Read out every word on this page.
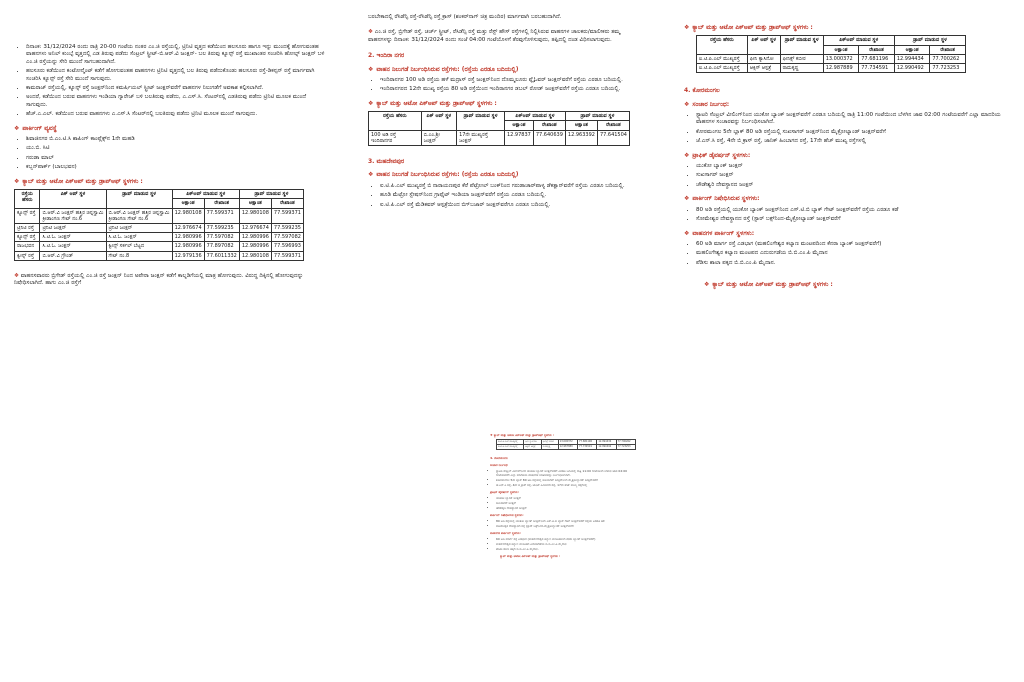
• ದಿನಾಂಕ: 31/12/2024 ರಂದು ರಾತ್ರಿ 20-00 ಗಂಟೆಯ ನಂತರ ಎಂ.ಜಿ ರಸ್ತೆಯಲ್ಲಿ, ಟ್ರಿನಿಟಿ ವೃತ್ತದ ಕಡೆಯಿಂದ ಹಲಸೂರು ಹಾಗೂ ಇನ್ನು ಮುಂದಕ್ಕೆ ಹೋಗುವಂತಹ ವಾಹನಗಳು ಅನಿಲ್ ಕುಂಬ್ಳೆ ವೃತ್ತದಲ್ಲಿ ಎಡ ತಿರುವು ಪಡೆದು ಸೆಂಟ್ರಲ್ ಸ್ಟ್ರೀಟ್-ಬಿ.ಆರ್.ವಿ ಜಂಕ್ಷನ್- ಬಲ ತಿರುವು ಕ್ಯೂನ್ಸ್ ರಸ್ತೆ ಮುಖಾಂತರ ಸಂಚರಿಸಿ ಹೋಲ್ಸ್ ಜಂಕ್ಷನ್ ಬಳಿ ಎಂ.ಜಿ ರಸ್ತೆಯನ್ನು ಸೇರಿ ಮುಂದೆ ಸಾಗಬಹುದಾಗಿದೆ.
• ಹಲಸೂರು ಕಡೆಯಿಂದ ಕಂಟೋನ್ಮೆಂಟ್ ಕಡೆಗೆ ಹೋಗುವಂತಹ ವಾಹನಗಳು ಟ್ರಿನಿಟಿ ವೃತ್ತದಲ್ಲಿ ಬಲ ತಿರುವು ಪಡೆದುಕೊಂಡು ಹಲಸೂರು ರಸ್ತೆ-ಡಿಕನ್ಸನ್ ರಸ್ತೆ ಮಾರ್ಗವಾಗಿ ಸಂಚರಿಸಿ ಕ್ಯೂನ್ಸ್ ರಸ್ತೆ ಸೇರಿ ಮುಂದೆ ಸಾಗುವುದು.
• ಕಾಮರಾಜ್ ರಸ್ತೆಯಲ್ಲಿ, ಕ್ಯೂನ್ಸ್ ರಸ್ತೆ ಜಂಕ್ಷನ್‌ನಿಂದ ಕಮರ್ಷಿಯಲ್ ಸ್ಟ್ರೀಟ್ ಜಂಕ್ಷನ್‌ವರೆಗೆ ವಾಹನಗಳ ನಿಲುಗಡೆಗೆ ಅವಕಾಶ ಕಲ್ಪಿಸಲಾಗಿದೆ.
• ಅಂದರೆ, ಕಡೆಯಿಂದ ಬರುವ ವಾಹನಗಳು ಇಂಡಿಯಾ ಗ್ಯಾರೇಜ್ ಬಳಿ ಬಲತಿರುವು ಪಡೆದು, ಎ.ಎಸ್.ಸಿ. ಸೆಂಟರ್‌ನಲ್ಲಿ ಎಡತಿರುವು ಪಡೆದು ಟ್ರಿನಿಟಿ ಮೂಲಕ ಮುಂದೆ ಸಾಗುವುದು.
• ಹೆಚ್.ಎ.ಎಲ್. ಕಡೆಯಿಂದ ಬರುವ ವಾಹನಗಳು ಎ.ಎಸ್.ಸಿ ಸೆಂಟರ್‌ನಲ್ಲಿ ಬಲತಿರುವು ಪಡೆದು ಟ್ರಿನಿಟಿ ಮೂಲಕ ಮುಂದೆ ಸಾಗುವುದು.
❖ ಪಾರ್ಕಿಂಗ್ ವ್ಯವಸ್ಥೆ
• ಶಿವಾಜಿನಗರ ಬಿ.ಎಂ.ಟಿ.ಸಿ ಶಾಪಿಂಗ್ ಕಾಂಪ್ಲೆಕ್ಸ್‌ನ 1ನೇ ಮಹಡಿ
• ಯು.ಬಿ. ಸಿಟಿ
• ಗರುಡಾ ಮಾಲ್
• ಕಬ್ಬನ್‌ಪಾರ್ಕ್ (ಬಾಲಭವನ)
❖ ಕ್ಯಾಬ್ ಮತ್ತು ಆಟೋ ಪಿಕ್‌ಅಪ್ ಮತ್ತು ಡ್ರಾಪ್‌ಆಫ್ ಸ್ಥಳಗಳು :
ರಸ್ತೆಯ ಹೆಸರು	ಪಿಕ್ ಅಪ್ ಸ್ಥಳ	ಡ್ರಾಪ್ ಮಾಡುವ ಸ್ಥಳ	ಪಿಕ್‌ಅಪ್ ಮಾಡುವ ಸ್ಥಳ		ಡ್ರಾಪ್ ಮಾಡುವ ಸ್ಥಳ	
			ಅಕ್ಷಾಂಶ	ರೇಖಾಂಶ	ಅಕ್ಷಾಂಶ	ರೇಖಾಂಶ
ಕ್ಯೂನ್ಸ್ ರಸ್ತೆ	ಬಿ.ಆರ್.ವಿ ಜಂಕ್ಷನ್ ಹತ್ತಿರ ಚಿನ್ನಸ್ವಾಮಿ ಕ್ರೀಡಾಂಗಣ ಗೇಟ್ ನಂ.6	ಬಿ.ಆರ್.ವಿ ಜಂಕ್ಷನ್ ಹತ್ತಿರ ಚಿನ್ನಸ್ವಾಮಿ ಕ್ರೀಡಾಂಗಣ ಗೇಟ್ ನಂ.6	12.980108	77.599371	12.980108	77.599371
ಟ್ರಿನಿಟಿ ರಸ್ತೆ	ಟ್ರಿನಿಟಿ ಜಂಕ್ಷನ್	ಟ್ರಿನಿಟಿ ಜಂಕ್ಷನ್	12.976674	77.599235	12.976674	77.599235
ಕ್ಯೂನ್ಸ್ ರಸ್ತೆ	ಸಿ.ಟಿ.ಓ. ಜಂಕ್ಷನ್	ಸಿ.ಟಿ.ಓ. ಜಂಕ್ಷನ್	12.980996	77.597082	12.980996	77.597082
ರಾಜಭವನ	ಸಿ.ಟಿ.ಓ. ಜಂಕ್ಷನ್	ಕ್ವೀನ್ಸ್‌ ಸರ್ಕಲ್ ಬೆಟ್ಟದ	12.980996	77.897082	12.980996	77.596993
ಕ್ವೀನ್ಸ್ ರಸ್ತೆ	ಬಿ.ಆರ್.ವಿ ಗ್ರೌಂಡ್	ಗೇಟ್ ನಂ.8	12.979136	77.6011332	12.980108	77.599371
❖ ವಾಹನಸವಾರರು ಬ್ರಿಗೇಡ್ ರಸ್ತೆಯಲ್ಲಿ ಎಂ.ಜಿ ರಸ್ತೆ ಜಂಕ್ಷನ್ ನಿಂದ ಅಪೇರಾ ಜಂಕ್ಷನ್ ಕಡೆಗೆ ಕಾಲ್ನಡಿಗೆಯಲ್ಲಿ ಮಾತ್ರ ಹೋಗುವುದು. ವಿರುದ್ಧ ದಿಕ್ಕಿನಲ್ಲಿ ಹೋಗುವುದನ್ನು ನಿಷೇಧಿಸಲಾಗಿದೆ. ಹಾಗು ಎಂ.ಜಿ ರಸ್ತೆಗೆ
ಬರಬೇಕಾದಲ್ಲಿ ರೆಸಿಡೆನ್ಸಿ ರಸ್ತೆ-ರೆಸಿಡೆನ್ಸಿ ರಸ್ತೆ ಕ್ರಾಸ್ (ಶಂಕರ್‌ನಾಗ್ ಚಿತ್ರ ಮಂದಿರ) ಮಾರ್ಗವಾಗಿ ಬರಬಹುದಾಗಿದೆ.
❖ ಎಂ.ಜಿ ರಸ್ತೆ, ಬ್ರಿಗೇಡ್ ರಸ್ತೆ, ಚರ್ಚ್ ಸ್ಟ್ರೀಟ್, ರೆಸಿಡೆನ್ಸಿ ರಸ್ತೆ ಮತ್ತು ರೆಸ್ಟ್ ಹೌಸ್ ರಸ್ತೆಗಳಲ್ಲಿ ನಿಲ್ಲಿಸಿರುವ ವಾಹನಗಳ ಚಾಲಕರು/ಮಾಲೀಕರು ತಮ್ಮ ವಾಹನಗಳನ್ನು ದಿನಾಂಕ: 31/12/2024 ರಂದು ಸಂಜೆ 04:00 ಗಂಟೆಯೊಳಗೆ ತೆರವುಗೊಳಿಸುವುದು, ತಪ್ಪಿದಲ್ಲಿ ದಂಡ ವಿಧಿಸಲಾಗುವುದು.
2. ಇಂದಿರಾ ನಗರ
❖ ವಾಹನ ನಿಲುಗಡೆ ನಿರ್ಬಂಧಿಸಿರುವ ರಸ್ತೆಗಳು: (ರಸ್ತೆಯ ಎರಡೂ ಬದಿಯಲ್ಲಿ)
• ಇಂದಿರಾನಗರ 100 ಅಡಿ ರಸ್ತೆಯ ಹಳೆ ಮದ್ರಾಸ್ ರಸ್ತೆ ಜಂಕ್ಷನ್‌ನಿಂದ ದೊಮ್ಮಲೂರು ಫ್ಲೈಓವರ್ ಜಂಕ್ಷನ್‌ವರೆಗೆ ರಸ್ತೆಯ ಎರಡೂ ಬದಿಯಲ್ಲಿ.
• ಇಂದಿರಾನಗರದ 12ನೇ ಮುಖ್ಯ ರಸ್ತೆಯ 80 ಅಡಿ ರಸ್ತೆಯಿಂದ ಇಂದಿರಾನಗರ ಡಬಲ್ ರೋಡ್ ಜಂಕ್ಷನ್‌ವರೆಗೆ ರಸ್ತೆಯ ಎರಡೂ ಬದಿಯಲ್ಲಿ.
❖ ಕ್ಯಾಬ್ ಮತ್ತು ಆಟೋ ಪಿಕ್‌ಅಪ್ ಮತ್ತು ಡ್ರಾಪ್‌ಆಫ್ ಸ್ಥಳಗಳು :
ರಸ್ತೆಯ ಹೆಸರು	ಪಿಕ್ ಅಪ್ ಸ್ಥಳ	ಡ್ರಾಪ್ ಮಾಡುವ ಸ್ಥಳ	ಪಿಕ್‌ಅಪ್ ಮಾಡುವ ಸ್ಥಳ		ಡ್ರಾಪ್ ಮಾಡುವ ಸ್ಥಳ	
			ಅಕ್ಷಾಂಶ	ರೇಖಾಂಶ	ಅಕ್ಷಾಂಶ	ರೇಖಾಂಶ
100 ಅಡಿ ರಸ್ತೆ ಇಂದಿರಾನಗರ	ಬಿ.ಎಂ.ಶ್ರೀ ಜಂಕ್ಷನ್	17ನೇ ಮುಖ್ಯರಸ್ತೆ ಜಂಕ್ಷನ್	12.97837	77.640639	12.963392	77.641504
3. ಮಹದೇವಪುರ
❖ ವಾಹನ ನಿಲುಗಡೆ ನಿರ್ಬಂಧಿಸಿರುವ ರಸ್ತೆಗಳು: (ರಸ್ತೆಯ ಎರಡೂ ಬದಿಯಲ್ಲಿ)
• ಐ.ಟಿ.ಪಿ.ಎಲ್ ಮುಖ್ಯರಸ್ತೆ ಬಿ ನಾರಾಯಣಪುರ ಕೆರೆ ಪೆಟ್ರೋಲ್ ಬಂಕ್‌ನಿಂದ ಗರುಡಾಚಾರ್‌ಪಾಳ್ಯ ಡೆಕತ್ಲಾನ್‌ವರೆಗೆ ರಸ್ತೆಯ ಎರಡೂ ಬದಿಯಲ್ಲಿ.
• ಹೂಡಿ ಮೆಟ್ರೋ ಸ್ಟೇಷನ್‌ನಿಂದ ಗ್ರಾಫೈಟ್ ಇಂಡಿಯಾ ಜಂಕ್ಷನ್‌ವರೆಗೆ ರಸ್ತೆಯ ಎರಡೂ ಬದಿಯಲ್ಲಿ.
• ಐ.ಟಿ.ಪಿ.ಎಲ್ ರಸ್ತೆ ಮೆಡಿಕವರ್ ಆಸ್ಪತ್ರೆಯಿಂದ ಬಿಗ್‌ಬಜಾರ್ ಜಂಕ್ಷನ್‌ವರೆಗೂ ಎರಡೂ ಬದಿಯಲ್ಲಿ.
❖ ಕ್ಯಾಬ್ ಮತ್ತು ಆಟೋ ಪಿಕ್‌ಅಪ್ ಮತ್ತು ಡ್ರಾಪ್‌ಆಫ್ ಸ್ಥಳಗಳು :
ರಸ್ತೆಯ ಹೆಸರು	ಪಿಕ್ ಅಪ್ ಸ್ಥಳ	ಡ್ರಾಪ್ ಮಾಡುವ ಸ್ಥಳ	ಪಿಕ್‌ಅಪ್ ಮಾಡುವ ಸ್ಥಳ		ಡ್ರಾಪ್ ಮಾಡುವ ಸ್ಥಳ	
			ಅಕ್ಷಾಂಶ	ರೇಖಾಂಶ	ಅಕ್ಷಾಂಶ	ರೇಖಾಂಶ
ಐ.ಟಿ.ಪಿ.ಎಲ್ ಮುಖ್ಯರಸ್ತೆ	ಫೀನಿ ಕ್ಯಾಸಿನೋ	ಫೀನಿಕ್ಸ್ ಕಬೀರ	13.000372	77.681196	12.994434	77.700262
ಐ.ಟಿ.ಪಿ.ಎಲ್ ಮುಖ್ಯರಸ್ತೆ	ಆಕ್ಸಿಸ್ ಆಸ್ಪತ್ರೆ	ರಾಮಕೃಷ್ಣ	12.987889	77.734591	12.990492	77.723253
4. ಕೋರಮಂಗಲ
❖ ಸಂಚಾರ ನಿರ್ಬಂಧ:
• ಸ್ಟ್ಯಾಟರಿ ಸೆಂಟ್ರಲ್ ವೀಲಿಂಗ್‌ನಿಂದ ಯುಕೋ ಬ್ಯಾಂಕ್ ಜಂಕ್ಷನ್‌ವರೆಗೆ ಎರಡೂ ಬದಿಯಲ್ಲಿ ರಾತ್ರಿ 11:00 ಗಂಟೆಯಿಂದ ಬೆಳಗಿನ ಜಾವ 02:00 ಗಂಟೆಯವರೆಗೆ ಎಲ್ಲಾ ಮಾದರಿಯ ವಾಹನಗಳ ಸಂಚಾರವನ್ನು ನಿರ್ಬಂಧಿಸಲಾಗಿದೆ.
• ಕೋರಮಂಗಲ 5ನೇ ಬ್ಲಾಕ್ 80 ಅಡಿ ರಸ್ತೆಯಲ್ಲಿ ಸುಖಸಾಗರ್ ಜಂಕ್ಷನ್‌ನಿಂದ ಮೈಕ್ರೋಲ್ಯಾಂಡ್ ಜಂಕ್ಷನ್‌ವರೆಗೆ
• ಜೆ.ಎನ್.ಸಿ ರಸ್ತೆ, 4ನೇ ಬಿ ಕ್ರಾಸ್ ರಸ್ತೆ, ಜಾನಿಕ್ ಹಿಂಬಾಗದ ರಸ್ತೆ, 17ನೇ ಹೆಚ್ ಮುಖ್ಯ ರಸ್ತೆಗಳಲ್ಲಿ
❖ ಟ್ರಾಫಿಕ್ ಡೈವರ್ಷನ್ ಸ್ಥಳಗಳು:
• ಯುಕೋ ಬ್ಯಾಂಕ್ ಜಂಕ್ಷನ್
• ಸುಖಸಾಗರ್ ಜಂಕ್ಷನ್
• ಚೌಡೇಶ್ವರಿ ದೇವಸ್ಥಾನದ ಜಂಕ್ಷನ್
❖ ಪಾರ್ಕಿಂಗ್ ನಿಷೇಧಿಸಿರುವ ಸ್ಥಳಗಳು:
• 80 ಅಡಿ ರಸ್ತೆಯಲ್ಲಿ ಯುಕೋ ಬ್ಯಾಂಕ್ ಜಂಕ್ಷನ್‌ನಿಂದ ಎಸ್.ಟಿ.ಬಿ ಬ್ಯಾಕ್ ಗೇಟ್ ಜಂಕ್ಷನ್‌ವರೆಗೆ ರಸ್ತೆಯ ಎರಡೂ ಕಡೆ
• ಸೋಮೇಶ್ವರ ದೇವಸ್ಥಾನದ ರಸ್ತೆ (ಸ್ಟಾರ್ ಬಕ್ಸ್‌ನಿಂದ-ಮೈಕ್ರೋಲ್ಯಾಂಡ್ ಜಂಕ್ಷನ್‌ವರೆಗೆ
❖ ವಾಹನಗಳ ಪಾರ್ಕಿಂಗ್ ಸ್ಥಳಗಳು:
• 60 ಅಡಿ ಮಾರ್ಗ ರಸ್ತೆ ಎಡಭಾಗ (ಮಹಲಿಂಗೇಶ್ವರ ಕಲ್ಯಾಣ ಮಂಟಪದಿಂದ ಕೆನರಾ ಬ್ಯಾಂಕ್ ಜಂಕ್ಷನ್‌ವರೆಗೆ)
• ಮಹಲಿಂಗೇಶ್ವರ ಕಲ್ಯಾಣ ಮಂಟಪದ ಎದುರುಗಡೆಯ ಬಿ.ಬಿ.ಎಂ.ಪಿ ಮೈದಾನ
• ಪೆಡಿಸು ಶಾಲಾ ಪಕ್ಕದ ಬಿ.ಬಿ.ಎಂ.ಪಿ ಮೈದಾನ.
❖ ಕ್ಯಾಬ್ ಮತ್ತು ಆಟೋ ಪಿಕ್‌ಅಪ್ ಮತ್ತು ಡ್ರಾಪ್‌ಆಫ್ ಸ್ಥಳಗಳು :
❖ ಕ್ಯಾಬ್ ಮತ್ತು ಆಟೋ ಪಿಕ್‌ಅಪ್ ಮತ್ತು ಡ್ರಾಪ್‌ಆಫ್ ಸ್ಥಳಗಳು :
ಐ.ಟಿ.ಪಿ.ಎಲ್ ಮುಖ್ಯರಸ್ತೆ	ಫೀನಿ ಕ್ಯಾಸಿನೋ	ಫೀನಿಕ್ಸ್ ಕಬೀರ	13.000372	77.681196	12.994434	77.700262
ಐ.ಟಿ.ಪಿ.ಎಲ್ ಮುಖ್ಯರಸ್ತೆ	ಆಕ್ಸಿಸ್ ಆಸ್ಪತ್ರೆ	ರಾಮಕೃಷ್ಣ	12.987889	77.734591	12.990492	77.723253
4. ಕೋರಮಂಗಲ
ಸಂಚಾರ ನಿರ್ಬಂಧ:
• ಸ್ಟ್ಯಾಟರಿ ಸೆಂಟ್ರಲ್ ವೀಲಿಂಗ್‌ನಿಂದ ಯುಕೋ ಬ್ಯಾಂಕ್ ಜಂಕ್ಷನ್‌ವರೆಗೆ ಎರಡೂ ಬದಿಯಲ್ಲಿ ರಾತ್ರಿ 11:00 ಗಂಟೆಯಿಂದ ಬೆಳಗಿನ ಜಾವ 02:00 ಗಂಟೆಯವರೆಗೆ ಎಲ್ಲಾ ಮಾದರಿಯ ವಾಹನಗಳ ಸಂಚಾರವನ್ನು ನಿರ್ಬಂಧಿಸಲಾಗಿದೆ.
• ಕೋರಮಂಗಲ 5ನೇ ಬ್ಲಾಕ್ 80 ಅಡಿ ರಸ್ತೆಯಲ್ಲಿ ಸುಖಸಾಗರ್ ಜಂಕ್ಷನ್‌ನಿಂದ ಮೈಕ್ರೋಲ್ಯಾಂಡ್ ಜಂಕ್ಷನ್‌ವರೆಗೆ
• ಜೆ.ಎನ್.ಸಿ ರಸ್ತೆ, 4ನೇ ಬಿ ಕ್ರಾಸ್ ರಸ್ತೆ, ಜಾನಿಕ್ ಹಿಂಬಾಗದ ರಸ್ತೆ, 17ನೇ ಹೆಚ್ ಮುಖ್ಯ ರಸ್ತೆಗಳಲ್ಲಿ
ಟ್ರಾಫಿಕ್ ಡೈವರ್ಷನ್ ಸ್ಥಳಗಳು:
• ಯುಕೋ ಬ್ಯಾಂಕ್ ಜಂಕ್ಷನ್
• ಸುಖಸಾಗರ್ ಜಂಕ್ಷನ್
• ಚೌಡೇಶ್ವರಿ ದೇವಸ್ಥಾನದ ಜಂಕ್ಷನ್
ಪಾರ್ಕಿಂಗ್ ನಿಷೇಧಿಸಿರುವ ಸ್ಥಳಗಳು:
• 80 ಅಡಿ ರಸ್ತೆಯಲ್ಲಿ ಯುಕೋ ಬ್ಯಾಂಕ್ ಜಂಕ್ಷನ್‌ನಿಂದ ಎಸ್.ಟಿ.ಬಿ ಬ್ಯಾಕ್ ಗೇಟ್ ಜಂಕ್ಷನ್‌ವರೆಗೆ ರಸ್ತೆಯ ಎರಡೂ ಕಡೆ
• ಸೋಮೇಶ್ವರ ದೇವಸ್ಥಾನದ ರಸ್ತೆ (ಸ್ಟಾರ್ ಬಕ್ಸ್‌ನಿಂದ-ಮೈಕ್ರೋಲ್ಯಾಂಡ್ ಜಂಕ್ಷನ್‌ವರೆಗೆ
ವಾಹನಗಳ ಪಾರ್ಕಿಂಗ್ ಸ್ಥಳಗಳು:
• 60 ಅಡಿ ಮಾರ್ಗ ರಸ್ತೆ ಎಡಭಾಗ (ಮಹಲಿಂಗೇಶ್ವರ ಕಲ್ಯಾಣ ಮಂಟಪದಿಂದ ಕೆನರಾ ಬ್ಯಾಂಕ್ ಜಂಕ್ಷನ್‌ವರೆಗೆ)
• ಮಹಲಿಂಗೇಶ್ವರ ಕಲ್ಯಾಣ ಮಂಟಪದ ಎದುರುಗಡೆಯ ಬಿ.ಬಿ.ಎಂ.ಪಿ ಮೈದಾನ
• ಪೆಡಿಸು ಶಾಲಾ ಪಕ್ಕದ ಬಿ.ಬಿ.ಎಂ.ಪಿ ಮೈದಾನ.
ಕ್ಯಾಬ್ ಮತ್ತು ಆಟೋ ಪಿಕ್‌ಅಪ್ ಮತ್ತು ಡ್ರಾಪ್‌ಆಫ್ ಸ್ಥಳಗಳು :
